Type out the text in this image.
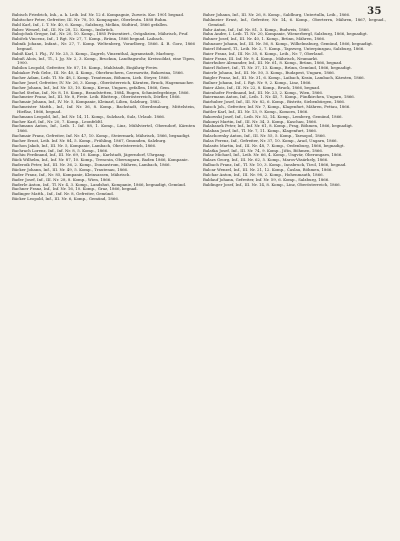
35

Babisch Friedrich, Inh., a. k. Leib. Inf. Nr. 12 d. Kompagnie, Zuweis. Kor. 1901 begnad.

Babitscher Peter, Gefreiter, III. Nr. 78, 10. Kompagnie, Oberleutn. 1888 Ruhm.

Babl Karl, Inf., I. T. Nr. 40, 6. Komp., Salzburg, Melkin, Südtirol, 1866 gefallen.

Babec Wenzel, Inf., III. Nr. 28, 12. Komp., Insbrück.

Babojchuk Gregor, Inf., Nr. 20, 10. Komp., 1885 Präsentiert., Ostgalizien, Mährisch, Pruf.

Babiček Vincenz, Inf., 1 Rgt. Nr. 27, 7. Komp., Brünn, 1866 begnad. Laibach.

Babnik Johann, Infant., Nr. 27, 7. Komp. Weltenberg, Vorarlberg, 1866. 4. B. Gorz, 1866 begnad.

Babiß Karl, I. Fkj., IV. Nr. 25, 3. Komp., Zagreb, Vinzenthal, Agramstadt, Marburg.

Babuß Alois, Inf., Tl., I. Jg. Nr. 2, 3. Komp., Bruckun, Landtagsrohr, Kreissoldat, eine Tipen, 1900.

Babilon Leopold, Gefreiter, Nr. 87, 10. Komp., Mahlstadt, Einjährig-Freiw.

Babiakov Frik Gebr., III. Nr. 40, 4. Komp., Oberbruchern, Czernowitz, Bukowina, 1866.

Bacher Adam, Leib. Tl. Nr. 48, I. Komp. Trautenau, Böhmen, Lieb. Steyer, 1866.

Bacher Josef, Gefreiter, IV. Nr. 26, 3. Komp., Oberösterreich, Kärnten, Bruck, Hagenmacher.

Bacher Johann, Inf., Inf. Nr. 53, 10. Komp., Kreuz, Ungarn, gefallen, 1866, Gem.

Bachel Stefan, Inf., Nr. 8, 10. Komp., Brandstetten, 1884, Rugen, Schmiedegebirge, 1866.

Bachmeier Franz, Inf., III. Nr. 8, Freie. Leib. Bluttrop., Oberösterreich, Dörfler, 1866.

Bachmair Johann, Inf., IV. Nr. 5, Kompanie, Kleinarl, Lilien, Salzburg, 1882.

Bachmeister Matth., Inf., Inf. Nr. 36, 8. Komp., Bachstadt, Oberdrauburg, Mittelstein, Hieflaz, 1866, begnad.

Bachmann Leopold, Inf., Inf. Nr. 14, 11. Komp., Sulzbach, Sulz, Urlaub. 1866.

Bacher Karl, Inf., Nr. 20, 7. Komp., Leonfeldtl.

Bachmann Anton, Inf., Leib. 1. Inf. 88, 1. Komp., Linz, Mühlviertel, Oberndorf, Kärnten 1866.

Bachmair Franz, Gefreiter, Inf. Nr. 47, 10. Komp., Steiermark, Mährisch, 1866, begnadigt.

Bacher Ernst, Leib. Inf. Nr. 84, 5. Komp., Frühling, 1867, Gmunden, Salzburg.

Bachon Jakob, Inf., III. Nr. 5, Kompanie, Lambach, Oberösterreich, 1866.

Bachrach Lorenz, Inf., Inf. Nr. 8, 5. Komp., 1866.

Bachiu Ferdinand, Inf., III. Nr. 69, 10. Komp., Karlstadt, Jägerndorf, Uhrgang.

Bäck Wilhelm, Inf., Inf. Nr. 87, 10. Komp., Trencsin, Oberungarn, Baden 1866, Kompanie.

Baderoik Peter, Inf., III. Nr. 36, 2. Komp., Donaustrom, Mähren, Lambach, 1866.

Bäcker Johann, Inf., III. Nr. 49, 5. Komp., Trautenau, 1866.

Bader Franz, Inf., Nr. 85, Kompanie, Kleinsassen, Mährisch.

Bader Josef, Inf., III. Nr. 28, 8. Komp., Wien, 1866.

Baderle Anton, Inf., Tl. Nr. 4, 3. Komp., Landshut, Kompanie, 1866, begnadigt, Gemünd.

Bachner Franz, Inf., Inf. Nr. 16, 10. Komp., Graz, 1866, begnad.

Badinger Matth., Inf., Inf. Nr. 8, Gefreiter, Gemünd.

Bäcker Leopold, Inf., III. Nr. 6, Komp., Gemünd, 1866.

Baher Johann, Inf., III. Nr. 26, 8. Komp., Saldburg, Untertulln, Leib., 1866.

Bahlmeier Ernst, Inf., Gefreiter, Nr. 14, 6. Komp., Oberterrn, Mähren, 1867, begnad., Gemünd.

Bahr Anton, Inf., Inf. Nr. 81, 3. Komp., Budweis, 1866.

Bahn Andre, I. Leib. Tl. Nr. 20, Kompanie, Wienerbergl, Salzburg, 1866, begnadigt.

Bahner Josef, Inf., III. Nr. 40, 1. Komp., Brünn, Mähren, 1866.

Bahnauer Johann, Inf., III. Nr. 56, 8. Komp., Wilhelmsburg, Gemünd, 1866, begnadigt.

Baierl Eduard, Tl., Leib. Nr. 2, 7. Komp., Tapsweg, Unterpinzgau, Salzburg, 1866.

Baier Franz, Inf., III. Nr. 35, 6. Komp., Leib., Nr. 7, Oberland.

Baier Franz, III. Inf. Nr. 9, 4. Komp., Mährisch, Neumarkt.

Baierhuber Alexander, Inf., III. Nr. 61, 8. Komp., Brünn, 1866, begnad.

Baierl Robert, Inf., Tl. Nr. 37, 13. Komp., Brünn, Gemünd, 1866, begnadigt.

Baierle Johann, Inf., III. Nr. 50, 3. Komp., Budapest, Ungarn, 1866.

Baigler Franz, Inf., III. Nr. 31, 6. Komp., Laibach, Krain, Lambach, Kärnten, 1866.

Bailner Johann, Inf., I. Rgt. Nr. 9, 2. Komp., Linz, 1866.

Baier Alois, Inf., III. Nr. 22, 8. Komp., Bruck, 1866, begnad.

Baienhofer Ferdinand, Inf., III. Nr. 23, 2. Komp., Wien, 1866.

Baiermann Anton, Inf., Leib. 1. Nr. 45, 7. Komp., Fünfkirchen, Ungarn, 1866.

Bairhuber Josef, Inf., III. Nr. 82, 6. Komp., Bistritz, Siebenbürgen, 1866.

Baisch Joh., Gefreiter, Inf. Nr. 7, Komp., Klagenfurt, Mähren, Pettau, 1866.

Baitler Karl, Inf., III. Nr. 13, 9. Komp., Komorn, 1866.

Bakowski Josef, Inf., Leib. Nr. 52, 14. Komp., Lemberg, Gemünd, 1866.

Bakonyi Martin, Inf., III. Nr. 34, 3. Komp., Kaschau, 1866.

Balabanek Peter, Inf., Inf. Nr. 61, 8. Komp., Prag, Böhmen, 1866, begnadigt.

Balaban Josef, Inf., Tl. Nr. 7, 11. Komp., Klagenfurt, 1866.

Balachowsky Anton, Inf., III. Nr. 55, 5. Komp., Tarnopol, 1866.

Balas Ferenz, Inf., Gefreiter, Nr. 37, 10. Komp., Arad, Ungarn, 1866.

Balasits Martin, Inf., III. Nr. 48, 7. Komp., Oedenburg, 1866, begnadigt.

Balatka Josef, Inf., III. Nr. 74, 9. Komp., Jičín, Böhmen, 1866.

Balaz Michael, Inf., Leib. Nr. 66, 4. Komp., Ungvár, Oberungarn, 1866.

Balazs Georg, Inf., III. Nr. 62, 5. Komp., Maros-Vásárhely, 1866.

Balbach Franz, Inf., Tl. Nr. 10, 3. Komp., Innsbruck, Tirol, 1866, begnad.

Balcar Wenzel, Inf., III. Nr. 21, 12. Komp., Časlau, Böhmen, 1866.

Balchar Anton, Inf., III. Nr. 98, 2. Komp., Hohenmauth, 1866.

Baldauf Johann, Gefreiter, Inf. Nr. 59, 6. Komp., Salzburg, 1866.

Baldinger Josef, Inf., III. Nr. 14, 8. Komp., Linz, Oberösterreich, 1866.
